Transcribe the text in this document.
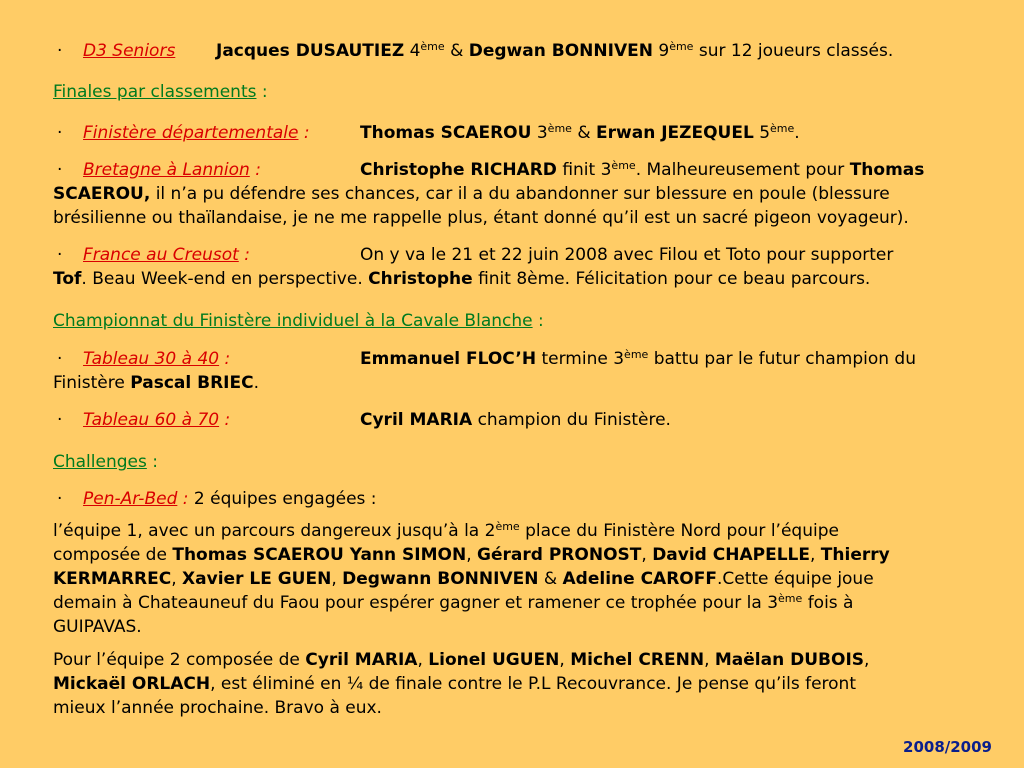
· D3 Seniors Jacques DUSAUTIEZ 4ème & Degwan BONNIVEN 9ème sur 12 joueurs classés.
Finales par classements :
· Finistère départementale :	Thomas SCAEROU 3ème & Erwan JEZEQUEL 5ème.
· Bretagne à Lannion :	Christophe RICHARD finit 3ème. Malheureusement pour Thomas
SCAEROU, il n’a pu défendre ses chances, car il a du abandonner sur blessure en poule (blessure
brésilienne ou thaïlandaise, je ne me rappelle plus, étant donné qu’il est un sacré pigeon voyageur).
· France au Creusot :	On y va le 21 et 22 juin 2008 avec Filou et Toto pour supporter
Tof. Beau Week-end en perspective. Christophe finit 8ème. Félicitation pour ce beau parcours.
Championnat du Finistère individuel à la Cavale Blanche :
· Tableau 30 à 40 :	Emmanuel FLOC’H termine 3ème battu par le futur champion du
Finistère Pascal BRIEC.
· Tableau 60 à 70 :	Cyril MARIA champion du Finistère.
Challenges :
· Pen-Ar-Bed : 2 équipes engagées :
l’équipe 1, avec un parcours dangereux jusqu’à la 2ème place du Finistère Nord pour l’équipe
composée de Thomas SCAEROU Yann SIMON, Gérard PRONOST, David CHAPELLE, Thierry
KERMARREC, Xavier LE GUEN, Degwann BONNIVEN & Adeline CAROFF.Cette équipe joue
demain à Chateauneuf du Faou pour espérer gagner et ramener ce trophée pour la 3ème fois à
GUIPAVAS.
Pour l’équipe 2 composée de Cyril MARIA, Lionel UGUEN, Michel CRENN, Maëlan DUBOIS,
Mickaël ORLACH, est éliminé en ¼ de finale contre le P.L Recouvrance. Je pense qu’ils feront
mieux l’année prochaine. Bravo à eux.
2008/2009
